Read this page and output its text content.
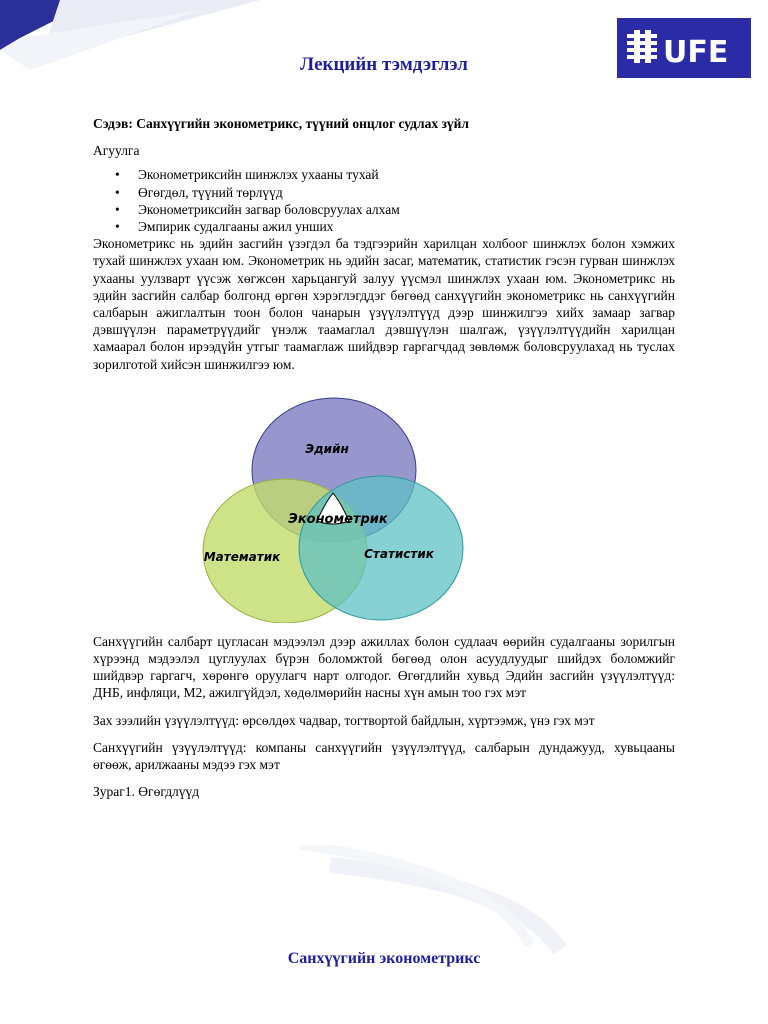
UFE
Лекцийн тэмдэглэл

Сэдэв: Санхүүгийн эконометрикс, түүний онцлог судлах зүйл

Агуулга

• Эконометриксийн шинжлэх ухааны тухай
• Өгөгдөл, түүний төрлүүд
• Эконометриксийн загвар боловсруулах алхам
• Эмпирик судалгааны ажил унших

Эконометрикс нь эдийн засгийн үзэгдэл ба тэдгээрийн харилцан холбоог шинжлэх болон хэмжих тухай шинжлэх ухаан юм. Эконометрик нь эдийн засаг, математик, статистик гэсэн гурван шинжлэх ухааны уулзварт үүсэж хөгжсөн харьцангуй залуу үүсмэл шинжлэх ухаан юм. Эконометрикс нь эдийн засгийн салбар болгонд өргөн хэрэглэгддэг бөгөөд санхүүгийн эконометрикс нь санхүүгийн салбарын ажиглалтын тоон болон чанарын үзүүлэлтүүд дээр шинжилгээ хийх замаар загвар дэвшүүлэн параметрүүдийг үнэлж таамаглал дэвшүүлэн шалгаж, үзүүлэлтүүдийн харилцан хамаарал болон ирээдүйн утгыг таамаглаж шийдвэр гаргагчдад зөвлөмж боловсруулахад нь туслах зорилготой хийсэн шинжилгээ юм.

Эдийн
Математик	Статистик
Эконометрик

Санхүүгийн салбарт цугласан мэдээлэл дээр ажиллах болон судлаач өөрийн судалгааны зорилгын хүрээнд мэдээлэл цуглуулах бүрэн боломжтой бөгөөд олон асуудлуудыг шийдэх боломжийг шийдвэр гаргагч, хөрөнгө оруулагч нарт олгодог. Өгөгдлийн хувьд Эдийн засгийн үзүүлэлтүүд: ДНБ, инфляци, М2, ажилгүйдэл, хөдөлмөрийн насны хүн амын тоо гэх мэт

Зах зээлийн үзүүлэлтүүд: өрсөлдөх чадвар, тогтвортой байдлын, хүртээмж, үнэ гэх мэт

Санхүүгийн үзүүлэлтүүд: компаны санхүүгийн үзүүлэлтүүд, салбарын дундажууд, хувьцааны өгөөж, арилжааны мэдээ гэх мэт

Зураг1. Өгөгдлүүд

Санхүүгийн эконометрикс
